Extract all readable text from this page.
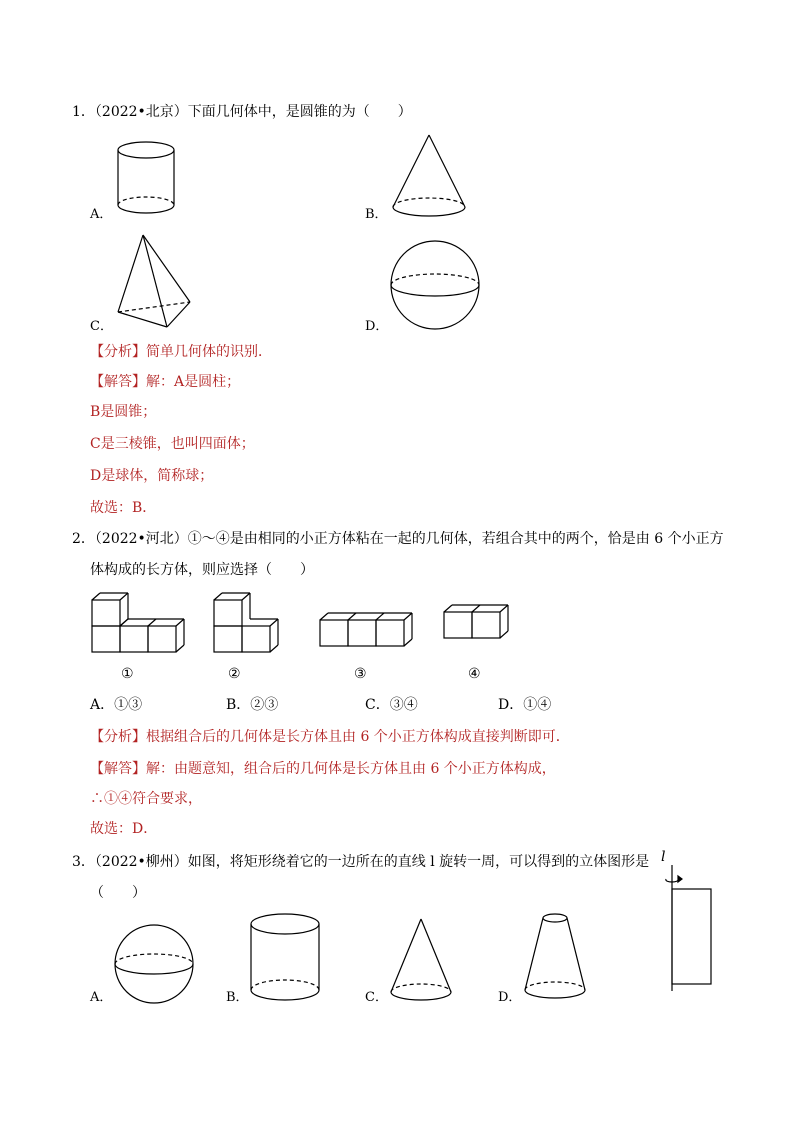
1．（2022•北京）下面几何体中，是圆锥的为（　　）
A．	B．
C．	D．
【分析】简单几何体的识别．
【解答】解：A是圆柱；
B是圆锥；
C是三棱锥，也叫四面体；
D是球体，简称球；
故选：B．
2．（2022•河北）①～④是由相同的小正方体粘在一起的几何体，若组合其中的两个，恰是由 6 个小正方
体构成的长方体，则应选择（　　）
①	②	③	④
A．①③	B．②③	C．③④	D．①④
【分析】根据组合后的几何体是长方体且由 6 个小正方体构成直接判断即可．
【解答】解：由题意知，组合后的几何体是长方体且由 6 个小正方体构成，
∴①④符合要求，
故选：D．
3．（2022•柳州）如图，将矩形绕着它的一边所在的直线 l 旋转一周，可以得到的立体图形是
（　　）
l
A．	B．	C．	D．
